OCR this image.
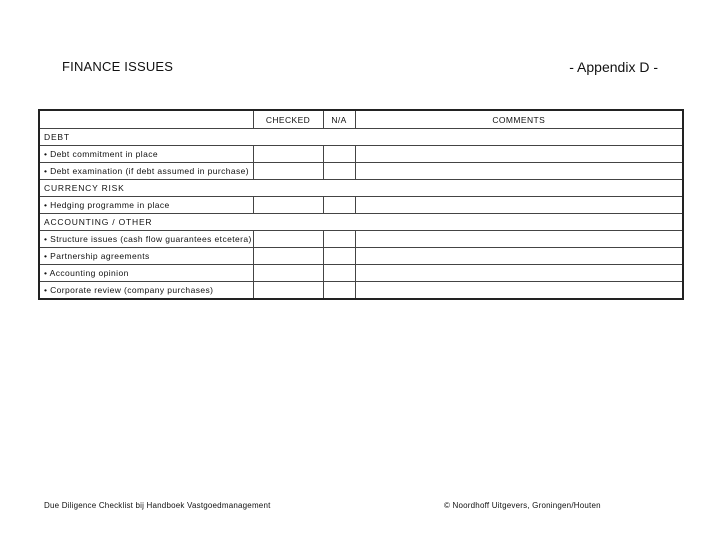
FINANCE ISSUES	- Appendix D -
	CHECKED	N/A	COMMENTS
DEBT			
• Debt commitment in place			
• Debt examination (if debt assumed in purchase)			
CURRENCY RISK			
• Hedging programme in place			
ACCOUNTING / OTHER			
• Structure issues (cash flow guarantees etcetera)			
• Partnership agreements			
• Accounting opinion			
• Corporate review (company purchases)			
Due Diligence Checklist bij Handboek Vastgoedmanagement	© Noordhoff Uitgevers, Groningen/Houten
